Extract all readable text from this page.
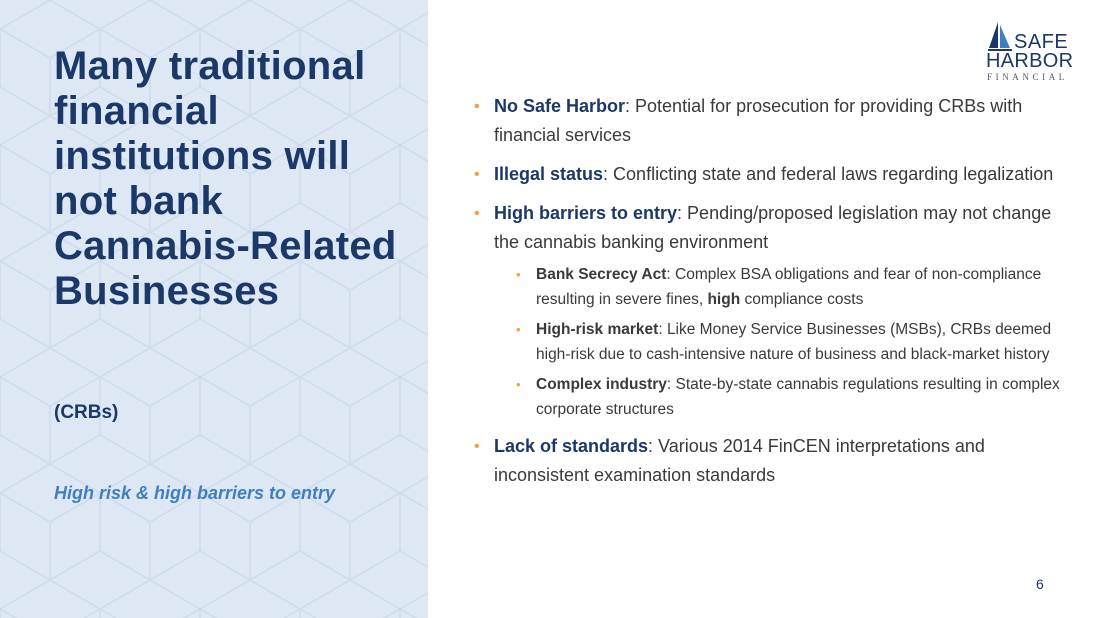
Many traditional financial institutions will not bank Cannabis-Related Businesses
(CRBs)
High risk & high barriers to entry
SAFE
HARBOR
FINANCIAL
• No Safe Harbor: Potential for prosecution for providing CRBs with financial services
• Illegal status: Conflicting state and federal laws regarding legalization
• High barriers to entry: Pending/proposed legislation may not change the cannabis banking environment
• Bank Secrecy Act: Complex BSA obligations and fear of non-compliance resulting in severe fines, high compliance costs
• High-risk market: Like Money Service Businesses (MSBs), CRBs deemed high-risk due to cash-intensive nature of business and black-market history
• Complex industry: State-by-state cannabis regulations resulting in complex corporate structures
• Lack of standards: Various 2014 FinCEN interpretations and inconsistent examination standards
6
